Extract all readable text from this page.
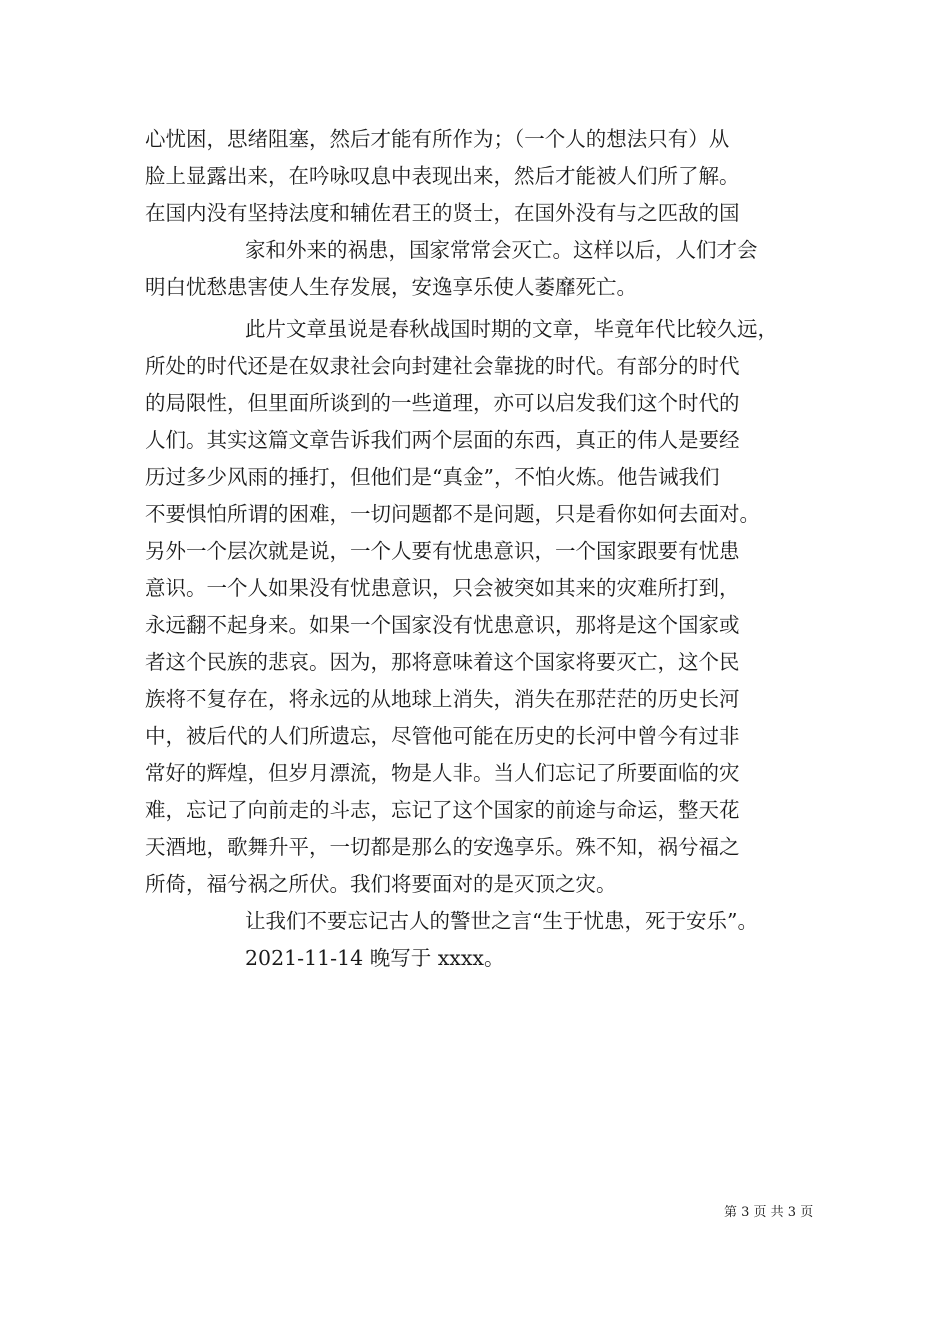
心忧困，思绪阻塞，然后才能有所作为；（一个人的想法只有）从
脸上显露出来，在吟咏叹息中表现出来，然后才能被人们所了解。
在国内没有坚持法度和辅佐君王的贤士，在国外没有与之匹敌的国
家和外来的祸患，国家常常会灭亡。这样以后，人们才会
明白忧愁患害使人生存发展，安逸享乐使人萎靡死亡。
此片文章虽说是春秋战国时期的文章，毕竟年代比较久远，
所处的时代还是在奴隶社会向封建社会靠拢的时代。有部分的时代
的局限性，但里面所谈到的一些道理，亦可以启发我们这个时代的
人们。其实这篇文章告诉我们两个层面的东西，真正的伟人是要经
历过多少风雨的捶打，但他们是“真金”，不怕火炼。他告诫我们
不要惧怕所谓的困难，一切问题都不是问题，只是看你如何去面对。
另外一个层次就是说，一个人要有忧患意识，一个国家跟要有忧患
意识。一个人如果没有忧患意识，只会被突如其来的灾难所打到，
永远翻不起身来。如果一个国家没有忧患意识，那将是这个国家或
者这个民族的悲哀。因为，那将意味着这个国家将要灭亡，这个民
族将不复存在，将永远的从地球上消失，消失在那茫茫的历史长河
中，被后代的人们所遗忘，尽管他可能在历史的长河中曾今有过非
常好的辉煌，但岁月漂流，物是人非。当人们忘记了所要面临的灾
难，忘记了向前走的斗志，忘记了这个国家的前途与命运，整天花
天酒地，歌舞升平，一切都是那么的安逸享乐。殊不知，祸兮福之
所倚，福兮祸之所伏。我们将要面对的是灭顶之灾。
让我们不要忘记古人的警世之言“生于忧患，死于安乐”。
2021-11-14 晚写于 xxxx。
第 3 页 共 3 页
